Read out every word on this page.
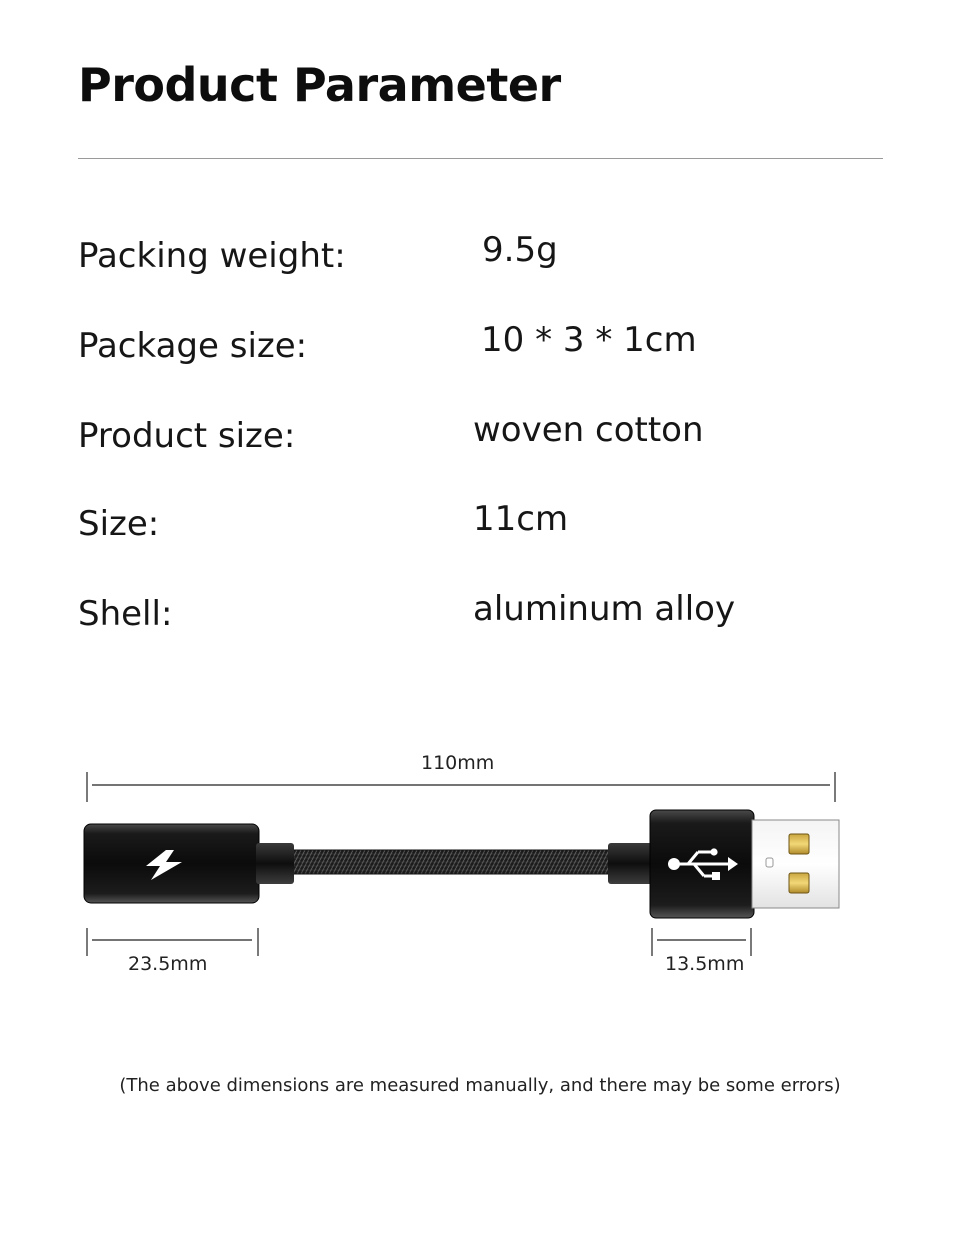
Product Parameter
Packing weight:	9.5g
Package size:	10 * 3 * 1cm
Product size:	woven cotton
Size:	11cm
Shell:	aluminum alloy
110mm
23.5mm	13.5mm
(The above dimensions are measured manually, and there may be some errors)
